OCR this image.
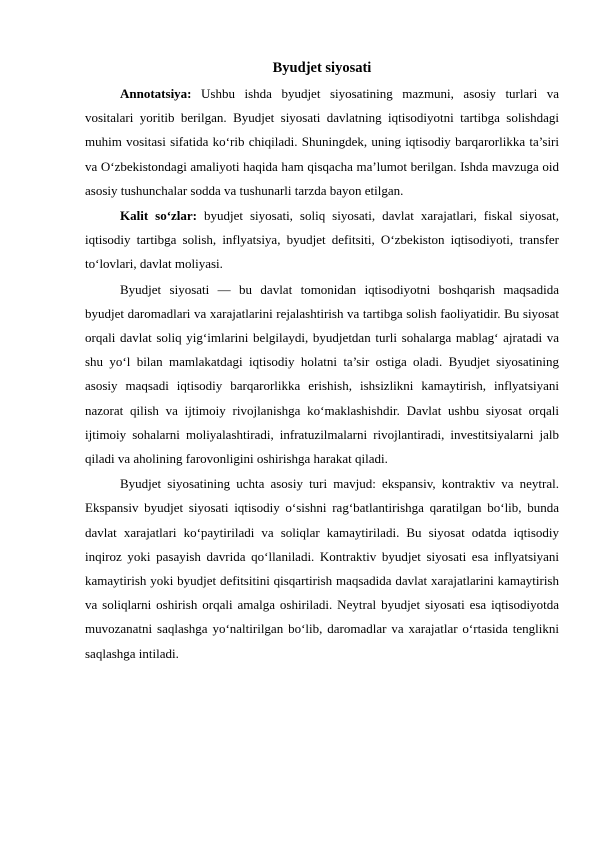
Byudjet siyosati

Annotatsiya: Ushbu ishda byudjet siyosatining mazmuni, asosiy turlari va vositalari yoritib berilgan. Byudjet siyosati davlatning iqtisodiyotni tartibga solishdagi muhim vositasi sifatida ko‘rib chiqiladi. Shuningdek, uning iqtisodiy barqarorlikka ta’siri va O‘zbekistondagi amaliyoti haqida ham qisqacha ma’lumot berilgan. Ishda mavzuga oid asosiy tushunchalar sodda va tushunarli tarzda bayon etilgan.

Kalit so‘zlar: byudjet siyosati, soliq siyosati, davlat xarajatlari, fiskal siyosat, iqtisodiy tartibga solish, inflyatsiya, byudjet defitsiti, O‘zbekiston iqtisodiyoti, transfer to‘lovlari, davlat moliyasi.

Byudjet siyosati — bu davlat tomonidan iqtisodiyotni boshqarish maqsadida byudjet daromadlari va xarajatlarini rejalashtirish va tartibga solish faoliyatidir. Bu siyosat orqali davlat soliq yig‘imlarini belgilaydi, byudjetdan turli sohalarga mablag‘ ajratadi va shu yo‘l bilan mamlakatdagi iqtisodiy holatni ta’sir ostiga oladi. Byudjet siyosatining asosiy maqsadi iqtisodiy barqarorlikka erishish, ishsizlikni kamaytirish, inflyatsiyani nazorat qilish va ijtimoiy rivojlanishga ko‘maklashishdir. Davlat ushbu siyosat orqali ijtimoiy sohalarni moliyalashtiradi, infratuzilmalarni rivojlantiradi, investitsiyalarni jalb qiladi va aholining farovonligini oshirishga harakat qiladi.

Byudjet siyosatining uchta asosiy turi mavjud: ekspansiv, kontraktiv va neytral. Ekspansiv byudjet siyosati iqtisodiy o‘sishni rag‘batlantirishga qaratilgan bo‘lib, bunda davlat xarajatlari ko‘paytiriladi va soliqlar kamaytiriladi. Bu siyosat odatda iqtisodiy inqiroz yoki pasayish davrida qo‘llaniladi. Kontraktiv byudjet siyosati esa inflyatsiyani kamaytirish yoki byudjet defitsitini qisqartirish maqsadida davlat xarajatlarini kamaytirish va soliqlarni oshirish orqali amalga oshiriladi. Neytral byudjet siyosati esa iqtisodiyotda muvozanatni saqlashga yo‘naltirilgan bo‘lib, daromadlar va xarajatlar o‘rtasida tenglikni saqlashga intiladi.
